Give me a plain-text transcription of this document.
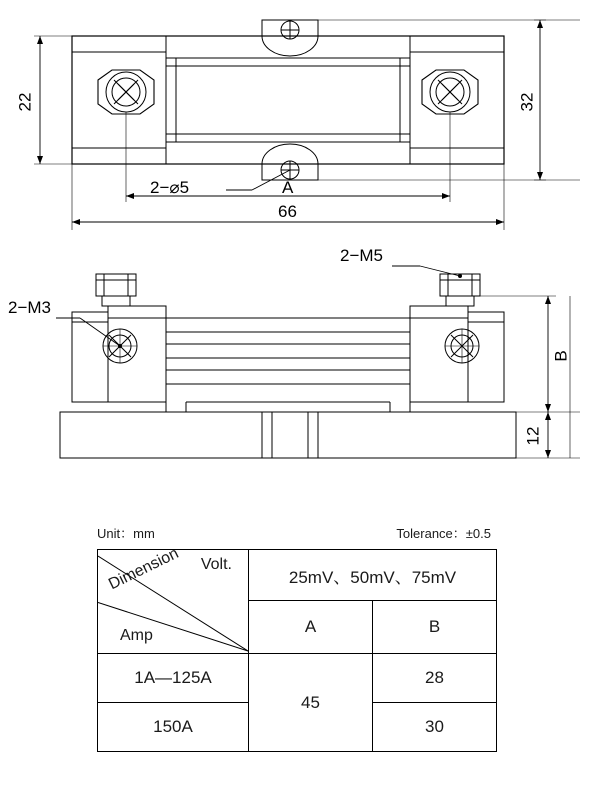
22	32
2−⌀5	A
66
2−M3
2−M5
B
12
Unit：mm	Tolerance：±0.5
Volt.
Dimension
Amp	25mV、50mV、75mV	
	A	B
1A—125A	45	28
150A		30
